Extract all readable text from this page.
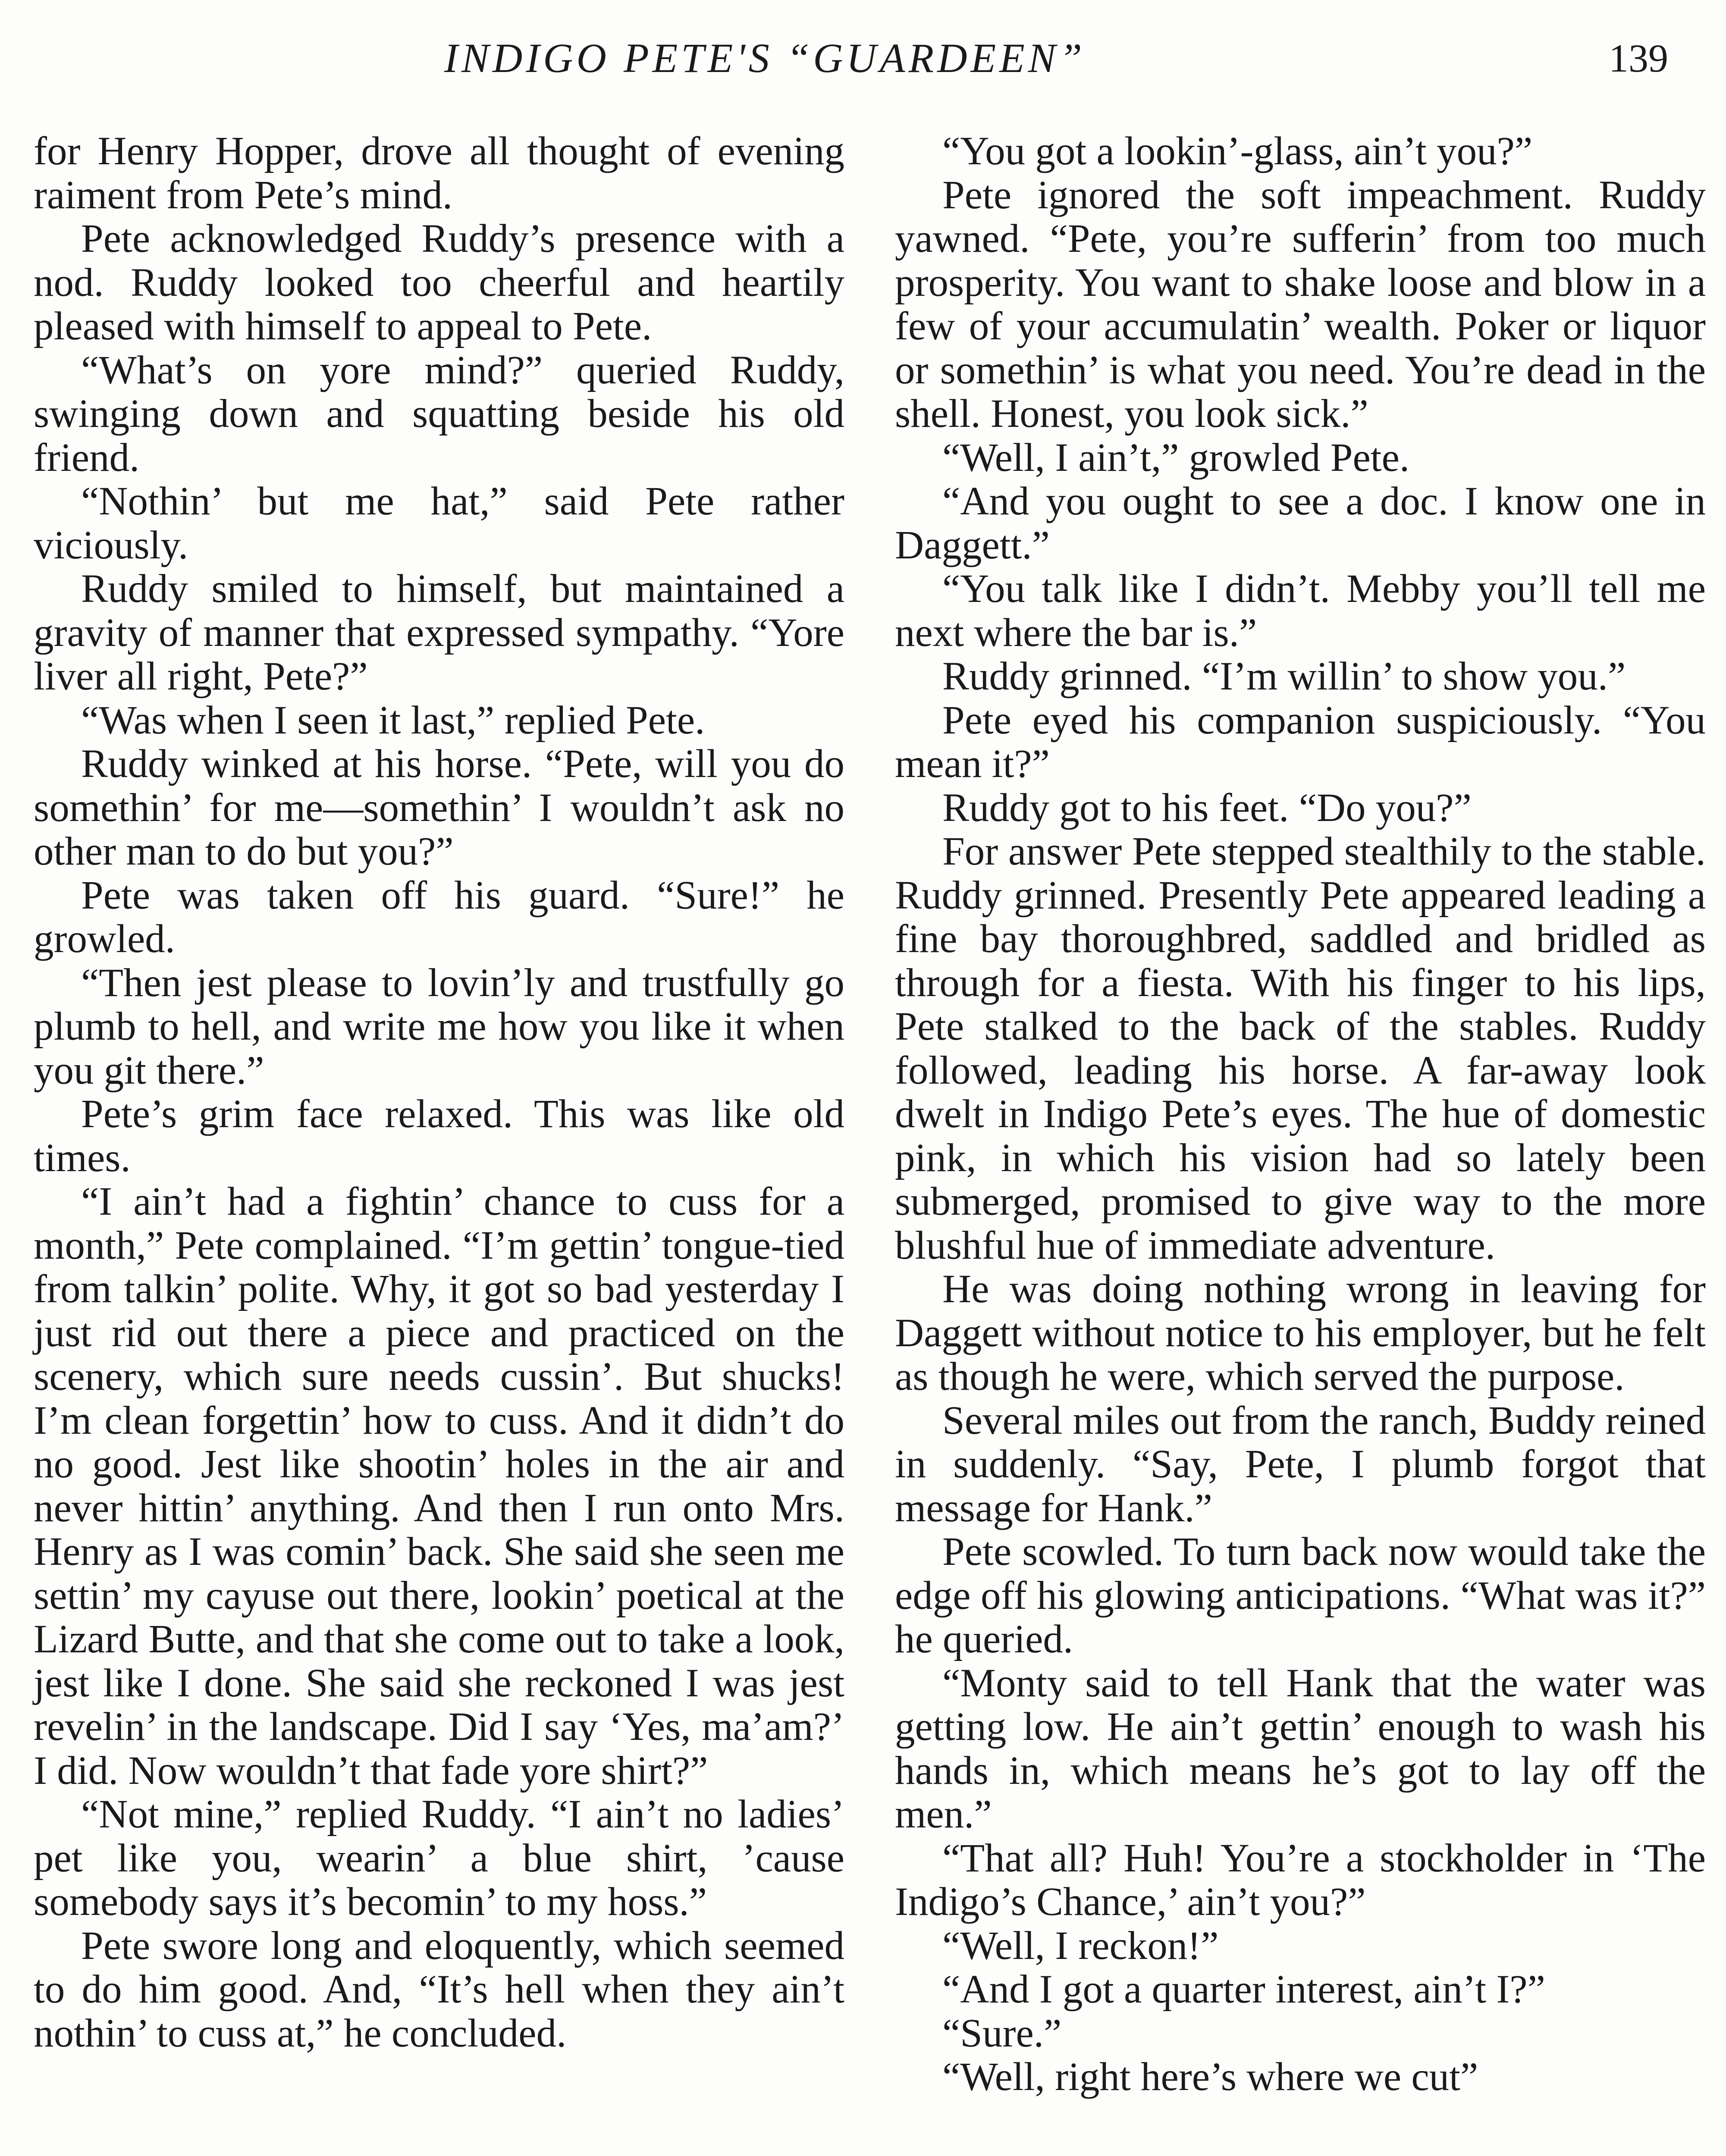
INDIGO PETE'S “GUARDEEN”	139

for Henry Hopper, drove all thought of evening raiment from Pete’s mind.

Pete acknowledged Ruddy’s presence with a nod. Ruddy looked too cheerful and heartily pleased with himself to appeal to Pete.

“What’s on yore mind?” queried Ruddy, swinging down and squatting beside his old friend.

“Nothin’ but me hat,” said Pete rather viciously.

Ruddy smiled to himself, but maintained a gravity of manner that expressed sympathy. “Yore liver all right, Pete?”

“Was when I seen it last,” replied Pete.

Ruddy winked at his horse. “Pete, will you do somethin’ for me—somethin’ I wouldn’t ask no other man to do but you?”

Pete was taken off his guard. “Sure!” he growled.

“Then jest please to lovin’ly and trustfully go plumb to hell, and write me how you like it when you git there.”

Pete’s grim face relaxed. This was like old times.

“I ain’t had a fightin’ chance to cuss for a month,” Pete complained. “I’m gettin’ tongue-tied from talkin’ polite. Why, it got so bad yesterday I just rid out there a piece and practiced on the scenery, which sure needs cussin’. But shucks! I’m clean forgettin’ how to cuss. And it didn’t do no good. Jest like shootin’ holes in the air and never hittin’ anything. And then I run onto Mrs. Henry as I was comin’ back. She said she seen me settin’ my cayuse out there, lookin’ poetical at the Lizard Butte, and that she come out to take a look, jest like I done. She said she reckoned I was jest revelin’ in the landscape. Did I say ‘Yes, ma’am?’ I did. Now wouldn’t that fade yore shirt?”

“Not mine,” replied Ruddy. “I ain’t no ladies’ pet like you, wearin’ a blue shirt, ’cause somebody says it’s becomin’ to my hoss.”

Pete swore long and eloquently, which seemed to do him good. And, “It’s hell when they ain’t nothin’ to cuss at,” he concluded.

“You got a lookin’-glass, ain’t you?”

Pete ignored the soft impeachment. Ruddy yawned. “Pete, you’re sufferin’ from too much prosperity. You want to shake loose and blow in a few of your accumulatin’ wealth. Poker or liquor or somethin’ is what you need. You’re dead in the shell. Honest, you look sick.”

“Well, I ain’t,” growled Pete.

“And you ought to see a doc. I know one in Daggett.”

“You talk like I didn’t. Mebby you’ll tell me next where the bar is.”

Ruddy grinned. “I’m willin’ to show you.”

Pete eyed his companion suspiciously. “You mean it?”

Ruddy got to his feet. “Do you?”

For answer Pete stepped stealthily to the stable. Ruddy grinned. Presently Pete appeared leading a fine bay thoroughbred, saddled and bridled as through for a fiesta. With his finger to his lips, Pete stalked to the back of the stables. Ruddy followed, leading his horse. A far-away look dwelt in Indigo Pete’s eyes. The hue of domestic pink, in which his vision had so lately been submerged, promised to give way to the more blushful hue of immediate adventure.

He was doing nothing wrong in leaving for Daggett without notice to his employer, but he felt as though he were, which served the purpose.

Several miles out from the ranch, Buddy reined in suddenly. “Say, Pete, I plumb forgot that message for Hank.”

Pete scowled. To turn back now would take the edge off his glowing anticipations. “What was it?” he queried.

“Monty said to tell Hank that the water was getting low. He ain’t gettin’ enough to wash his hands in, which means he’s got to lay off the men.”

“That all? Huh! You’re a stockholder in ‘The Indigo’s Chance,’ ain’t you?”

“Well, I reckon!”

“And I got a quarter interest, ain’t I?”

“Sure.”

“Well, right here’s where we cut”
